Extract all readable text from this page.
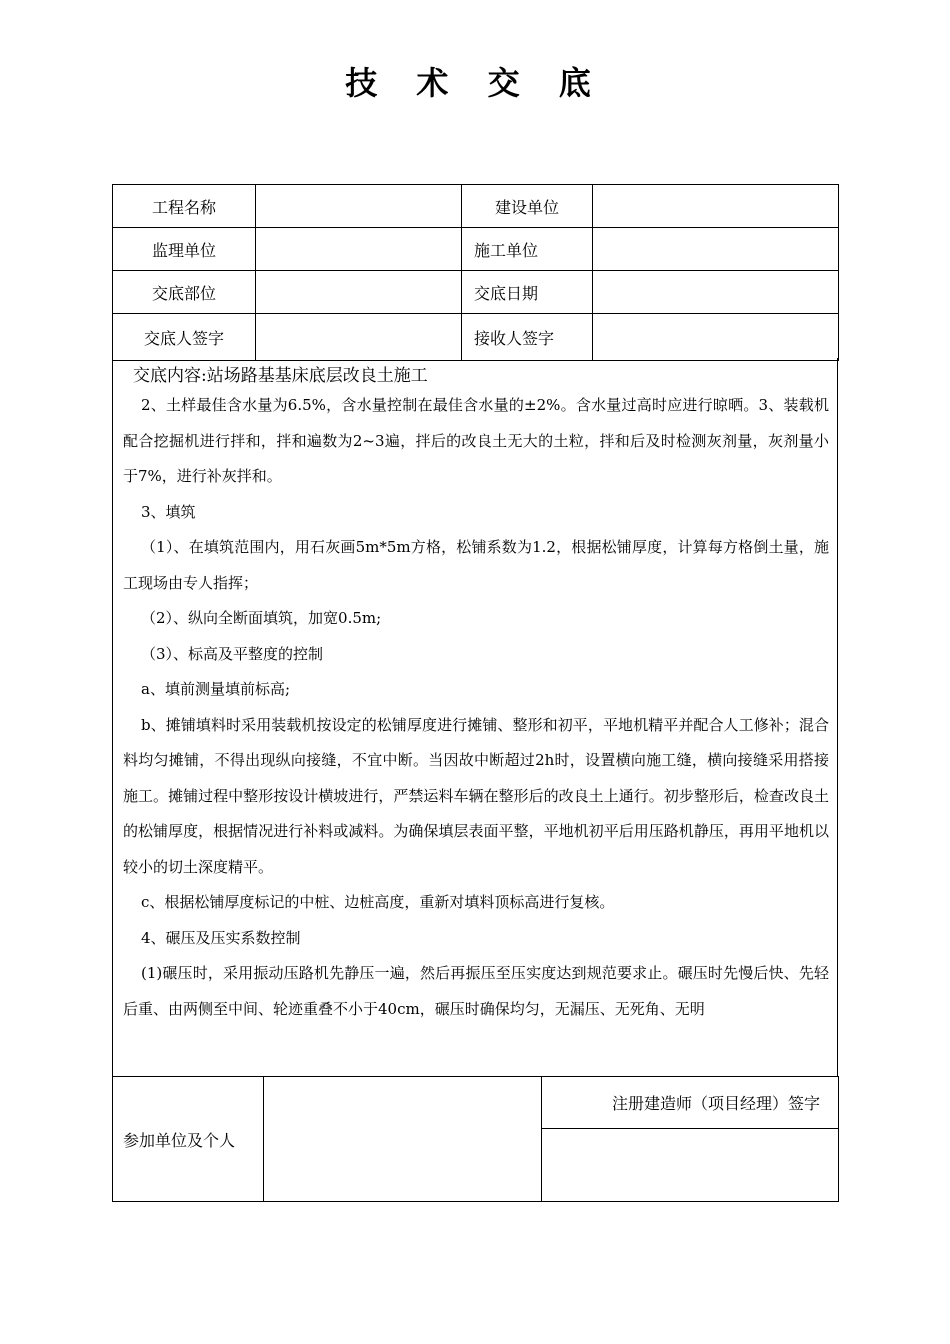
技 术 交 底
工程名称		建设单位	
监理单位		施工单位	
交底部位		交底日期	
交底人签字		接收人签字	
交底内容:站场路基基床底层改良土施工

2、土样最佳含水量为6.5%，含水量控制在最佳含水量的±2%。含水量过高时应进行晾晒。3、装载机配合挖掘机进行拌和，拌和遍数为2~3遍，拌后的改良土无大的土粒，拌和后及时检测灰剂量，灰剂量小于7%，进行补灰拌和。

3、填筑

（1）、在填筑范围内，用石灰画5m*5m方格，松铺系数为1.2，根据松铺厚度，计算每方格倒土量，施工现场由专人指挥；

（2）、纵向全断面填筑，加宽0.5m;

（3）、标高及平整度的控制

a、填前测量填前标高;

b、摊铺填料时采用装载机按设定的松铺厚度进行摊铺、整形和初平，平地机精平并配合人工修补；混合料均匀摊铺，不得出现纵向接缝，不宜中断。当因故中断超过2h时，设置横向施工缝，横向接缝采用搭接施工。摊铺过程中整形按设计横坡进行，严禁运料车辆在整形后的改良土上通行。初步整形后，检查改良土的松铺厚度，根据情况进行补料或减料。为确保填层表面平整，平地机初平后用压路机静压，再用平地机以较小的切土深度精平。

c、根据松铺厚度标记的中桩、边桩高度，重新对填料顶标高进行复核。

4、碾压及压实系数控制

(1)碾压时，采用振动压路机先静压一遍，然后再振压至压实度达到规范要求止。碾压时先慢后快、先轻后重、由两侧至中间、轮迹重叠不小于40cm，碾压时确保均匀，无漏压、无死角、无明

参加单位及个人		注册建造师（项目经理）签字
